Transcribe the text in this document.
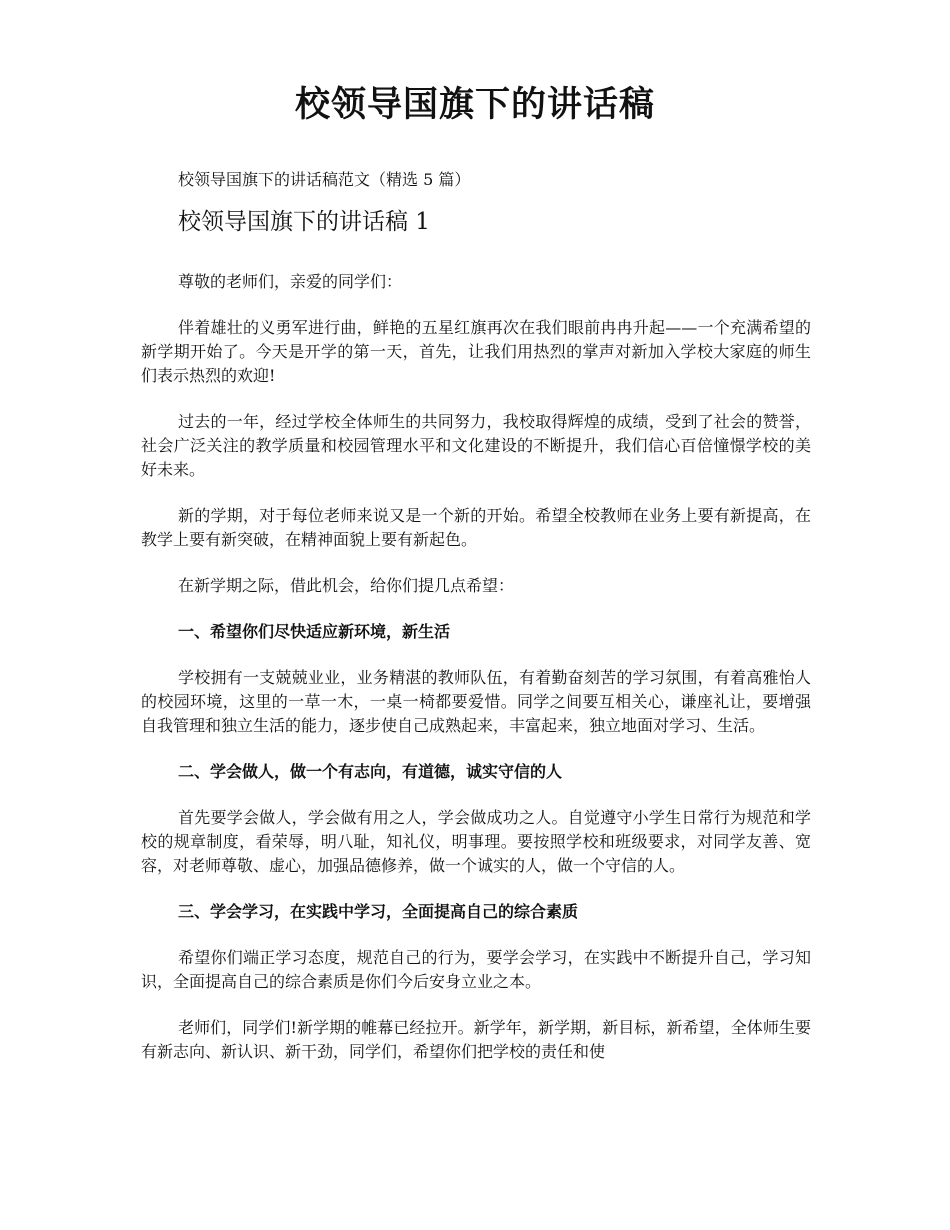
校领导国旗下的讲话稿

校领导国旗下的讲话稿范文（精选 5 篇）

校领导国旗下的讲话稿 1

尊敬的老师们，亲爱的同学们：

伴着雄壮的义勇军进行曲，鲜艳的五星红旗再次在我们眼前冉冉升起——一个充满希望的新学期开始了。今天是开学的第一天，首先，让我们用热烈的掌声对新加入学校大家庭的师生们表示热烈的欢迎!

过去的一年，经过学校全体师生的共同努力，我校取得辉煌的成绩，受到了社会的赞誉，社会广泛关注的教学质量和校园管理水平和文化建设的不断提升，我们信心百倍憧憬学校的美好未来。

新的学期，对于每位老师来说又是一个新的开始。希望全校教师在业务上要有新提高，在教学上要有新突破，在精神面貌上要有新起色。

在新学期之际，借此机会，给你们提几点希望：

一、希望你们尽快适应新环境，新生活

学校拥有一支兢兢业业，业务精湛的教师队伍，有着勤奋刻苦的学习氛围，有着高雅怡人的校园环境，这里的一草一木，一桌一椅都要爱惜。同学之间要互相关心，谦座礼让，要增强自我管理和独立生活的能力，逐步使自己成熟起来，丰富起来，独立地面对学习、生活。

二、学会做人，做一个有志向，有道德，诚实守信的人

首先要学会做人，学会做有用之人，学会做成功之人。自觉遵守小学生日常行为规范和学校的规章制度，看荣辱，明八耻，知礼仪，明事理。要按照学校和班级要求，对同学友善、宽容，对老师尊敬、虚心，加强品德修养，做一个诚实的人，做一个守信的人。

三、学会学习，在实践中学习，全面提高自己的综合素质

希望你们端正学习态度，规范自己的行为，要学会学习，在实践中不断提升自己，学习知识，全面提高自己的综合素质是你们今后安身立业之本。

老师们，同学们!新学期的帷幕已经拉开。新学年，新学期，新目标，新希望，全体师生要有新志向、新认识、新干劲，同学们，希望你们把学校的责任和使
